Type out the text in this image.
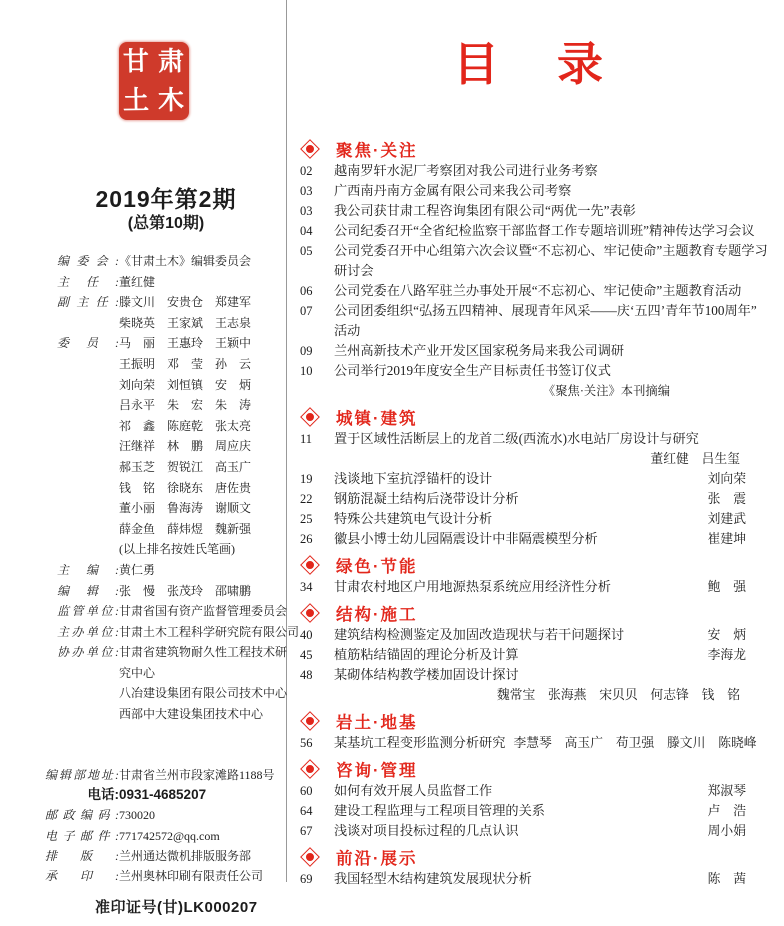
甘 肃
土 木
2019年第2期
(总第10期)
编委会: 《甘肃土木》编辑委员会
主任: 董红健
副主任: 滕文川　安贵仓　郑建军
柴晓英　王家斌　王志泉
委员: 马　丽　王惠玲　王颖中
王振明　邓　莹　孙　云
刘向荣　刘恒镇　安　炳
吕永平　朱　宏　朱　涛
祁　鑫　陈庭乾　张太亮
汪继祥　林　鹏　周应庆
郝玉芝　贺锐江　高玉广
钱　铭　徐晓东　唐佐贵
董小丽　鲁海涛　谢顺文
薛金鱼　薛炜煜　魏新强
(以上排名按姓氏笔画)
主编: 黄仁勇
编辑: 张　慢　张茂玲　邵啸鹏
监管单位: 甘肃省国有资产监督管理委员会
主办单位: 甘肃土木工程科学研究院有限公司
协办单位: 甘肃省建筑物耐久性工程技术研
究中心
八冶建设集团有限公司技术中心
西部中大建设集团技术中心
编辑部地址: 甘肃省兰州市段家滩路1188号
电话: 0931-4685207
邮政编码: 730020
电子邮件: 771742572@qq.com
排版: 兰州通达微机排版服务部
承印: 兰州奥林印刷有限责任公司
准印证号(甘)LK000207
目　录
聚焦·关注
02	越南罗轩水泥厂考察团对我公司进行业务考察
03	广西南丹南方金属有限公司来我公司考察
03	我公司获甘肃工程咨询集团有限公司“两优一先”表彰
04	公司纪委召开“全省纪检监察干部监督工作专题培训班”精神传达学习会议
05	公司党委召开中心组第六次会议暨“不忘初心、牢记使命”主题教育专题学习
研讨会
06	公司党委在八路军驻兰办事处开展“不忘初心、牢记使命”主题教育活动
07	公司团委组织“弘扬五四精神、展现青年风采——庆‘五四’青年节100周年”
活动
09	兰州高新技术产业开发区国家税务局来我公司调研
10	公司举行2019年度安全生产目标责任书签订仪式
《聚焦·关注》本刊摘编
城镇·建筑
11	置于区域性活断层上的龙首二级(西流水)水电站厂房设计与研究
董红健　吕生玺
19	浅谈地下室抗浮锚杆的设计	刘向荣
22	钢筋混凝土结构后浇带设计分析	张　震
25	特殊公共建筑电气设计分析	刘建武
26	徽县小博士幼儿园隔震设计中非隔震模型分析	崔建坤
绿色·节能
34	甘肃农村地区户用地源热泵系统应用经济性分析	鲍　强
结构·施工
40	建筑结构检测鉴定及加固改造现状与若干问题探讨	安　炳
45	植筋粘结锚固的理论分析及计算	李海龙
48	某砌体结构教学楼加固设计探讨
魏常宝　张海燕　宋贝贝　何志锋　钱　铭
岩土·地基
56	某基坑工程变形监测分析研究 李慧琴　高玉广　苟卫强　滕文川　陈晓峰
咨询·管理
60	如何有效开展人员监督工作	郑淑琴
64	建设工程监理与工程项目管理的关系	卢　浩
67	浅谈对项目投标过程的几点认识	周小娟
前沿·展示
69	我国轻型木结构建筑发展现状分析	陈　茜
